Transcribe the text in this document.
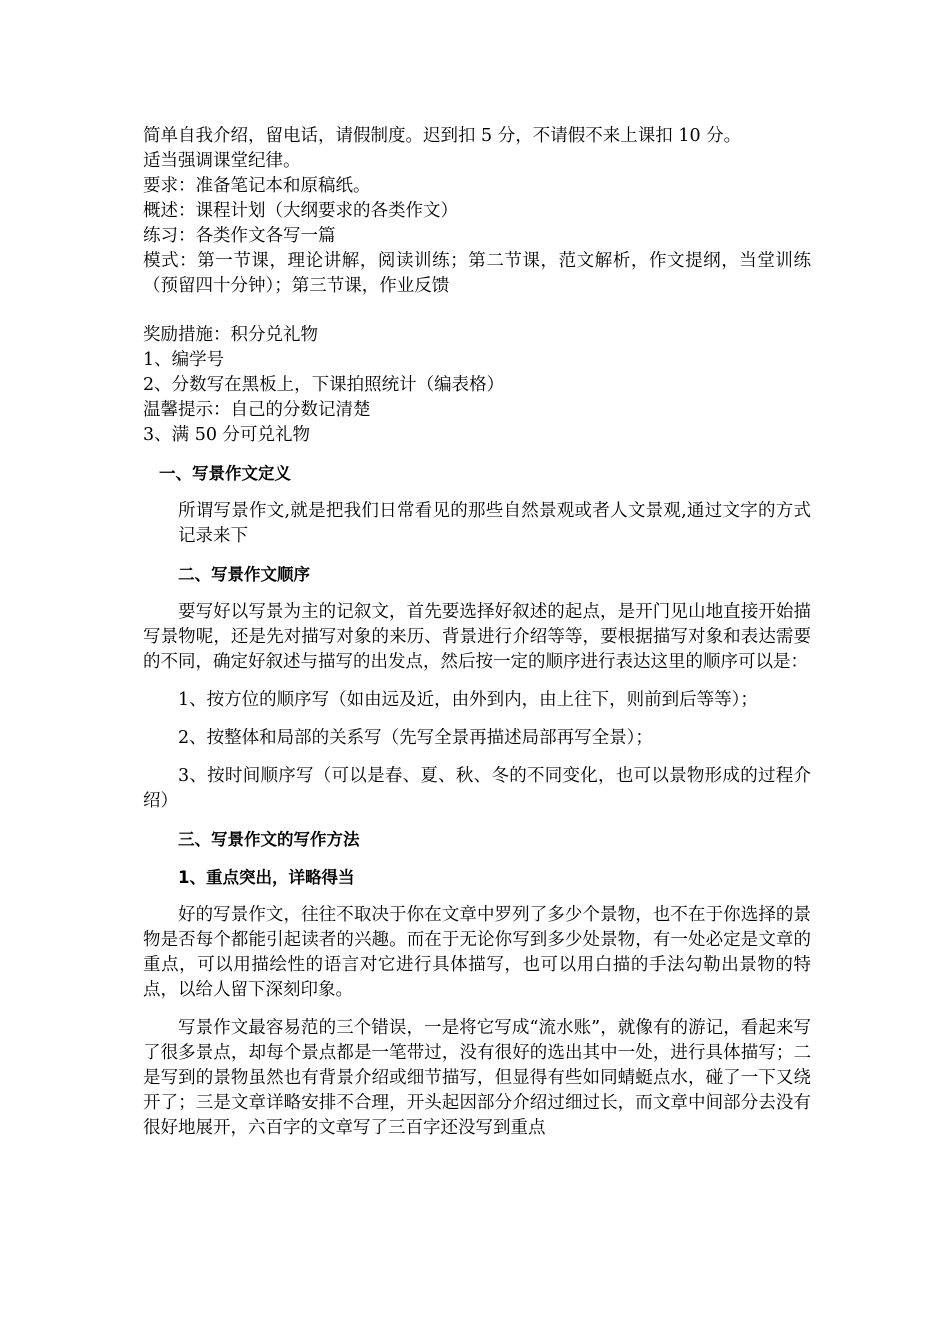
简单自我介绍，留电话，请假制度。迟到扣 5 分，不请假不来上课扣 10 分。

适当强调课堂纪律。

要求：准备笔记本和原稿纸。

概述：课程计划（大纲要求的各类作文）

练习：各类作文各写一篇

模式：第一节课，理论讲解，阅读训练；第二节课，范文解析，作文提纲，当堂训练（预留四十分钟）；第三节课，作业反馈

奖励措施：积分兑礼物

1、编学号

2、分数写在黑板上，下课拍照统计（编表格）

温馨提示：自己的分数记清楚

3、满 50 分可兑礼物

一、写景作文定义

所谓写景作文,就是把我们日常看见的那些自然景观或者人文景观,通过文字的方式记录来下

二、写景作文顺序

要写好以写景为主的记叙文，首先要选择好叙述的起点，是开门见山地直接开始描写景物呢，还是先对描写对象的来历、背景进行介绍等等，要根据描写对象和表达需要的不同，确定好叙述与描写的出发点，然后按一定的顺序进行表达这里的顺序可以是：

1、按方位的顺序写（如由远及近，由外到内，由上往下，则前到后等等）；

2、按整体和局部的关系写（先写全景再描述局部再写全景）；

3、按时间顺序写（可以是春、夏、秋、冬的不同变化，也可以景物形成的过程介绍）

三、写景作文的写作方法
1、重点突出，详略得当

好的写景作文，往往不取决于你在文章中罗列了多少个景物，也不在于你选择的景物是否每个都能引起读者的兴趣。而在于无论你写到多少处景物，有一处必定是文章的重点，可以用描绘性的语言对它进行具体描写，也可以用白描的手法勾勒出景物的特点，以给人留下深刻印象。

写景作文最容易范的三个错误，一是将它写成“流水账”，就像有的游记，看起来写了很多景点，却每个景点都是一笔带过，没有很好的选出其中一处，进行具体描写；二是写到的景物虽然也有背景介绍或细节描写，但显得有些如同蜻蜓点水，碰了一下又绕开了；三是文章详略安排不合理，开头起因部分介绍过细过长，而文章中间部分去没有很好地展开，六百字的文章写了三百字还没写到重点
